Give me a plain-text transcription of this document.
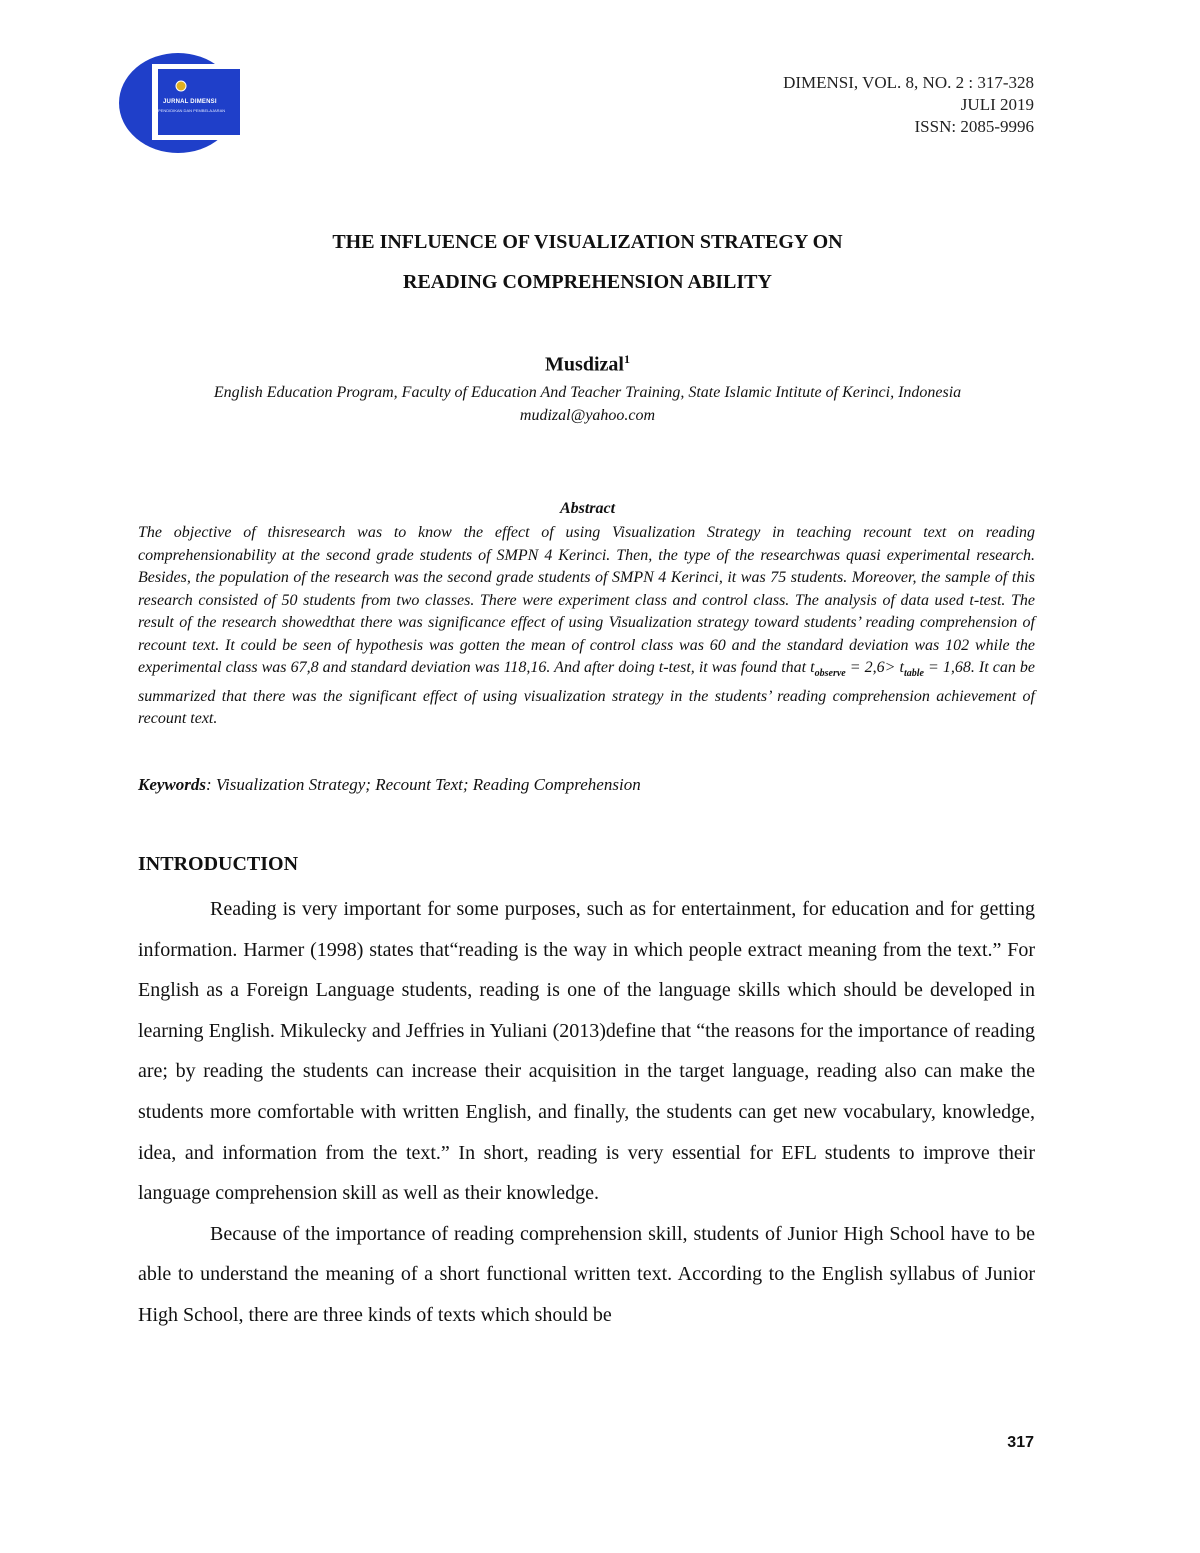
JURNAL DIMENSI
PENDIDIKAN DAN PEMBELAJARAN
DIMENSI, VOL. 8, NO. 2 : 317-328
JULI 2019
ISSN: 2085-9996
THE INFLUENCE OF VISUALIZATION STRATEGY ON
READING COMPREHENSION ABILITY
Musdizal$^1$
English Education Program, Faculty of Education And Teacher Training, State Islamic Intitute of Kerinci, Indonesia
mudizal@yahoo.com
Abstract
The objective of thisresearch was to know the effect of using Visualization Strategy in teaching recount text on reading comprehensionability at the second grade students of SMPN 4 Kerinci. Then, the type of the researchwas quasi experimental research. Besides, the population of the research was the second grade students of SMPN 4 Kerinci, it was 75 students. Moreover, the sample of this research consisted of 50 students from two classes. There were experiment class and control class. The analysis of data used t-test. The result of the research showedthat there was significance effect of using Visualization strategy toward students’ reading comprehension of recount text. It could be seen of hypothesis was gotten the mean of control class was 60 and the standard deviation was 102 while the experimental class was 67,8 and standard deviation was 118,16. And after doing t-test, it was found that $t_{observe} = 2,6> t_{table} = 1,68$. It can be summarized that there was the significant effect of using visualization strategy in the students’ reading comprehension achievement of recount text.
Keywords: Visualization Strategy; Recount Text; Reading Comprehension
INTRODUCTION

Reading is very important for some purposes, such as for entertainment, for education and for getting information. Harmer (1998) states that“reading is the way in which people extract meaning from the text.” For English as a Foreign Language students, reading is one of the language skills which should be developed in learning English. Mikulecky and Jeffries in Yuliani (2013)define that “the reasons for the importance of reading are; by reading the students can increase their acquisition in the target language, reading also can make the students more comfortable with written English, and finally, the students can get new vocabulary, knowledge, idea, and information from the text.” In short, reading is very essential for EFL students to improve their language comprehension skill as well as their knowledge.

Because of the importance of reading comprehension skill, students of Junior High School have to be able to understand the meaning of a short functional written text. According to the English syllabus of Junior High School, there are three kinds of texts which should be

317
